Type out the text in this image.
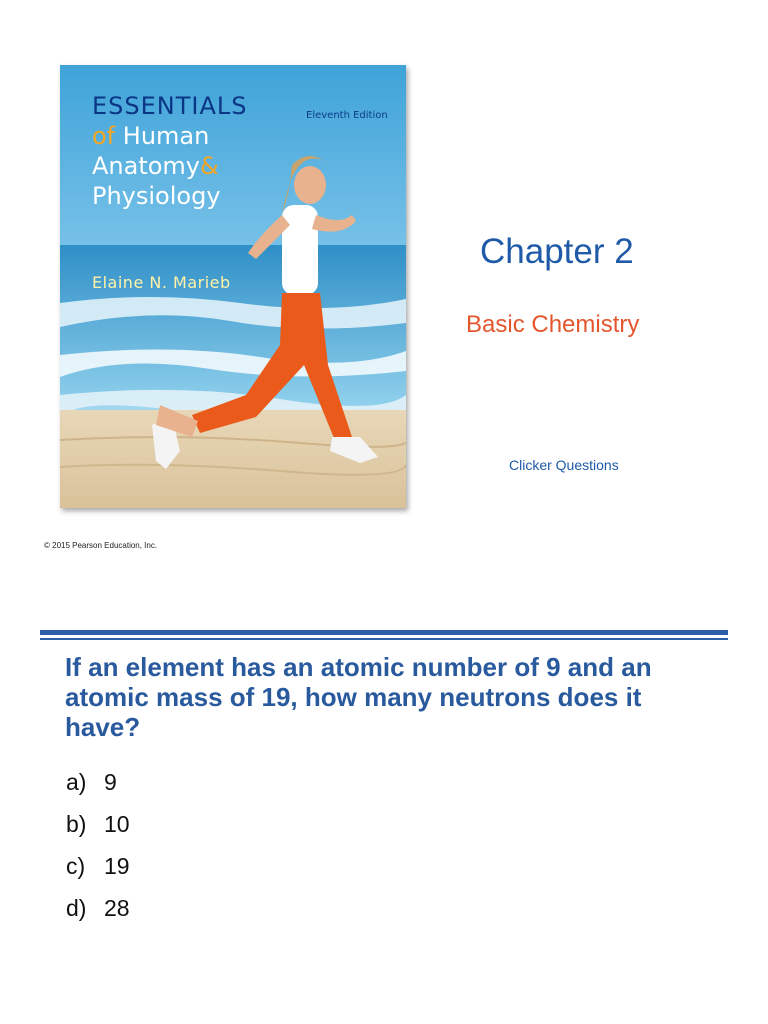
ESSENTIALS
of Human
Anatomy&
Physiology
Eleventh Edition
Elaine N. Marieb
Chapter 2
Basic Chemistry
Clicker Questions
© 2015 Pearson Education, Inc.

If an element has an atomic number of 9 and an atomic mass of 19, how many neutrons does it have?

a) 9
b) 10
c) 19
d) 28
